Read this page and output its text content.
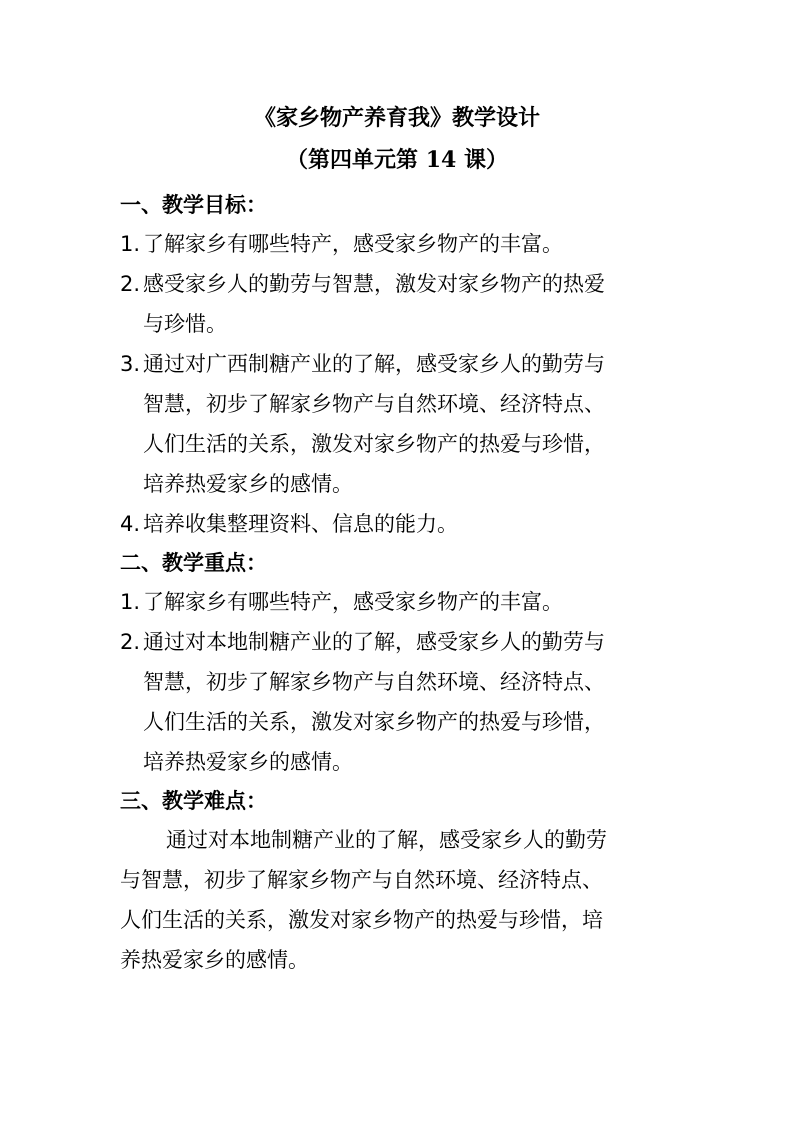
《家乡物产养育我》教学设计
（第四单元第 14 课）

一、教学目标：

1. 了解家乡有哪些特产，感受家乡物产的丰富。
2. 感受家乡人的勤劳与智慧，激发对家乡物产的热爱
与珍惜。
3. 通过对广西制糖产业的了解，感受家乡人的勤劳与
智慧，初步了解家乡物产与自然环境、经济特点、
人们生活的关系，激发对家乡物产的热爱与珍惜，
培养热爱家乡的感情。
4. 培养收集整理资料、信息的能力。

二、教学重点：

1. 了解家乡有哪些特产，感受家乡物产的丰富。
2. 通过对本地制糖产业的了解，感受家乡人的勤劳与
智慧，初步了解家乡物产与自然环境、经济特点、
人们生活的关系，激发对家乡物产的热爱与珍惜，
培养热爱家乡的感情。

三、教学难点：

通过对本地制糖产业的了解，感受家乡人的勤劳
与智慧，初步了解家乡物产与自然环境、经济特点、
人们生活的关系，激发对家乡物产的热爱与珍惜，培
养热爱家乡的感情。
